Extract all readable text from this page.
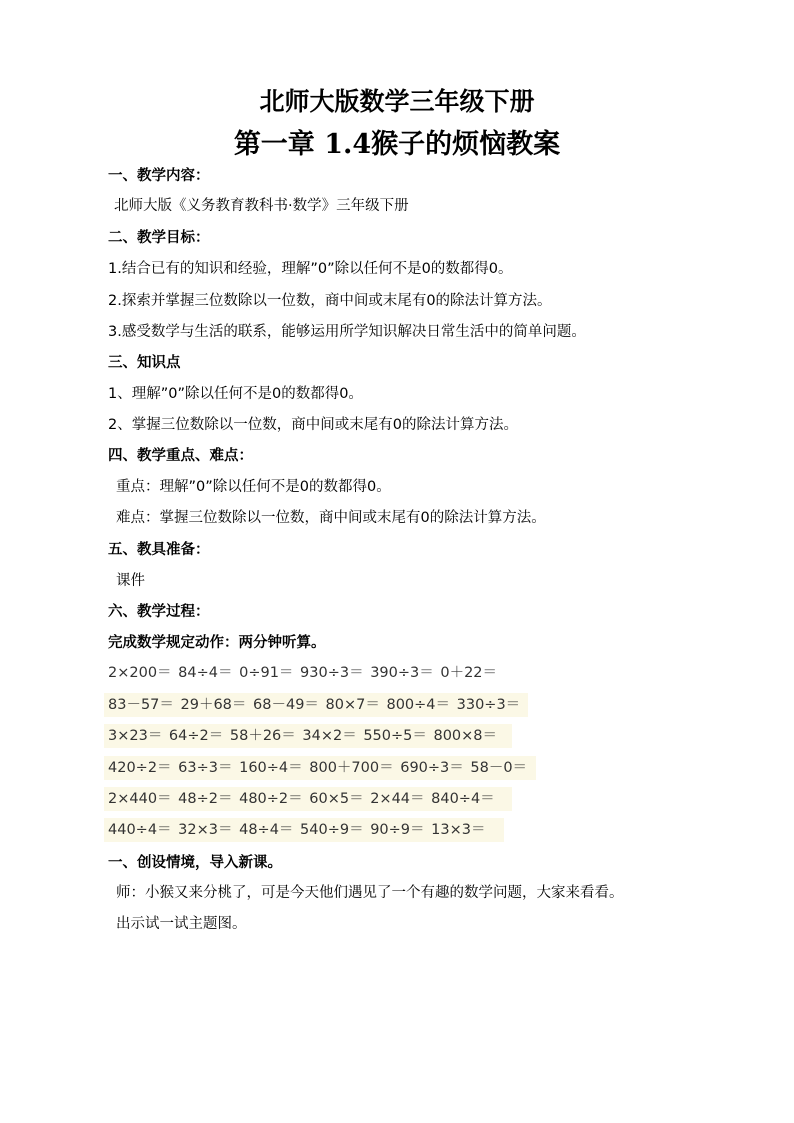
北师大版数学三年级下册
第一章 1.4猴子的烦恼教案
一、教学内容：
北师大版《义务教育教科书·数学》三年级下册
二、教学目标：
1.结合已有的知识和经验，理解”0”除以任何不是0的数都得0。
2.探索并掌握三位数除以一位数，商中间或末尾有0的除法计算方法。
3.感受数学与生活的联系，能够运用所学知识解决日常生活中的简单问题。
三、知识点
1、理解”0”除以任何不是0的数都得0。
2、掌握三位数除以一位数，商中间或末尾有0的除法计算方法。
四、教学重点、难点：
重点：理解”0”除以任何不是0的数都得0。
难点：掌握三位数除以一位数，商中间或末尾有0的除法计算方法。
五、教具准备：
课件
六、教学过程：
完成数学规定动作：两分钟听算。
2×200＝ 84÷4＝ 0÷91＝ 930÷3＝ 390÷3＝ 0＋22＝
83－57＝ 29＋68＝ 68－49＝ 80×7＝ 800÷4＝ 330÷3＝
3×23＝ 64÷2＝ 58＋26＝ 34×2＝ 550÷5＝ 800×8＝
420÷2＝ 63÷3＝ 160÷4＝ 800＋700＝ 690÷3＝ 58－0＝
2×440＝ 48÷2＝ 480÷2＝ 60×5＝ 2×44＝ 840÷4＝
440÷4＝ 32×3＝ 48÷4＝ 540÷9＝ 90÷9＝ 13×3＝
一、创设情境，导入新课。
师：小猴又来分桃了，可是今天他们遇见了一个有趣的数学问题，大家来看看。
出示试一试主题图。
